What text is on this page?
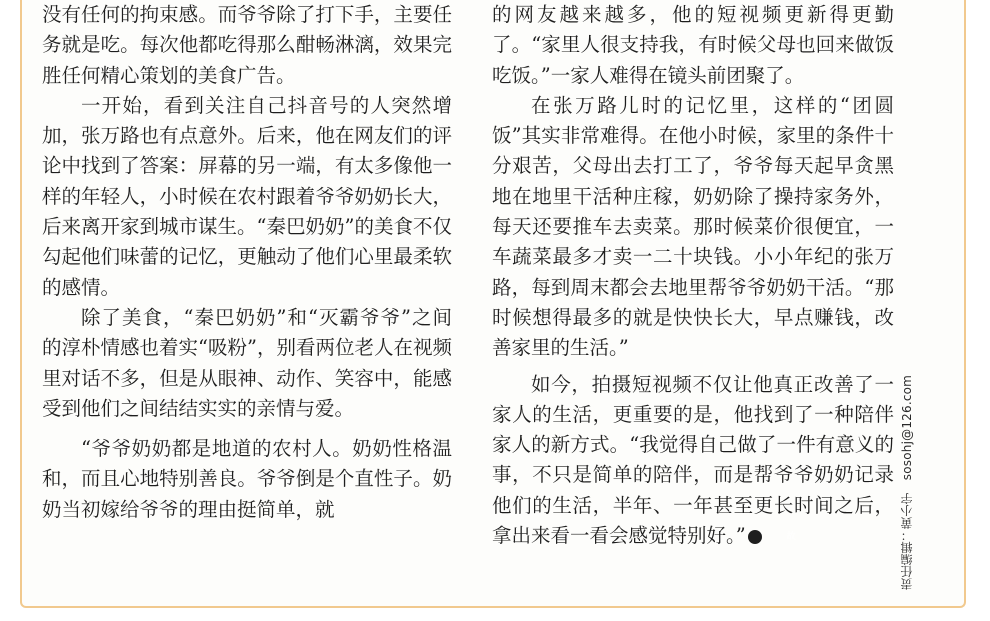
没有任何的拘束感。而爷爷除了打下手，主要任务就是吃。每次他都吃得那么酣畅淋漓，效果完胜任何精心策划的美食广告。

一开始，看到关注自己抖音号的人突然增加，张万路也有点意外。后来，他在网友们的评论中找到了答案：屏幕的另一端，有太多像他一样的年轻人，小时候在农村跟着爷爷奶奶长大，后来离开家到城市谋生。“秦巴奶奶”的美食不仅勾起他们味蕾的记忆，更触动了他们心里最柔软的感情。

除了美食，“秦巴奶奶”和“灭霸爷爷”之间的淳朴情感也着实“吸粉”，别看两位老人在视频里对话不多，但是从眼神、动作、笑容中，能感受到他们之间结结实实的亲情与爱。

“爷爷奶奶都是地道的农村人。奶奶性格温和，而且心地特别善良。爷爷倒是个直性子。奶奶当初嫁给爷爷的理由挺简单，就

的网友越来越多，他的短视频更新得更勤了。“家里人很支持我，有时候父母也回来做饭吃饭。”一家人难得在镜头前团聚了。

在张万路儿时的记忆里，这样的“团圆饭”其实非常难得。在他小时候，家里的条件十分艰苦，父母出去打工了，爷爷每天起早贪黑地在地里干活种庄稼，奶奶除了操持家务外，每天还要推车去卖菜。那时候菜价很便宜，一车蔬菜最多才卖一二十块钱。小小年纪的张万路，每到周末都会去地里帮爷爷奶奶干活。“那时候想得最多的就是快快长大，早点赚钱，改善家里的生活。”

如今，拍摄短视频不仅让他真正改善了一家人的生活，更重要的是，他找到了一种陪伴家人的新方式。“我觉得自己做了一件有意义的事，不只是简单的陪伴，而是帮爷爷奶奶记录他们的生活，半年、一年甚至更长时间之后，拿出来看一看会感觉特别好。”	故	责任编辑：黄小宇　sosohj@126.com
